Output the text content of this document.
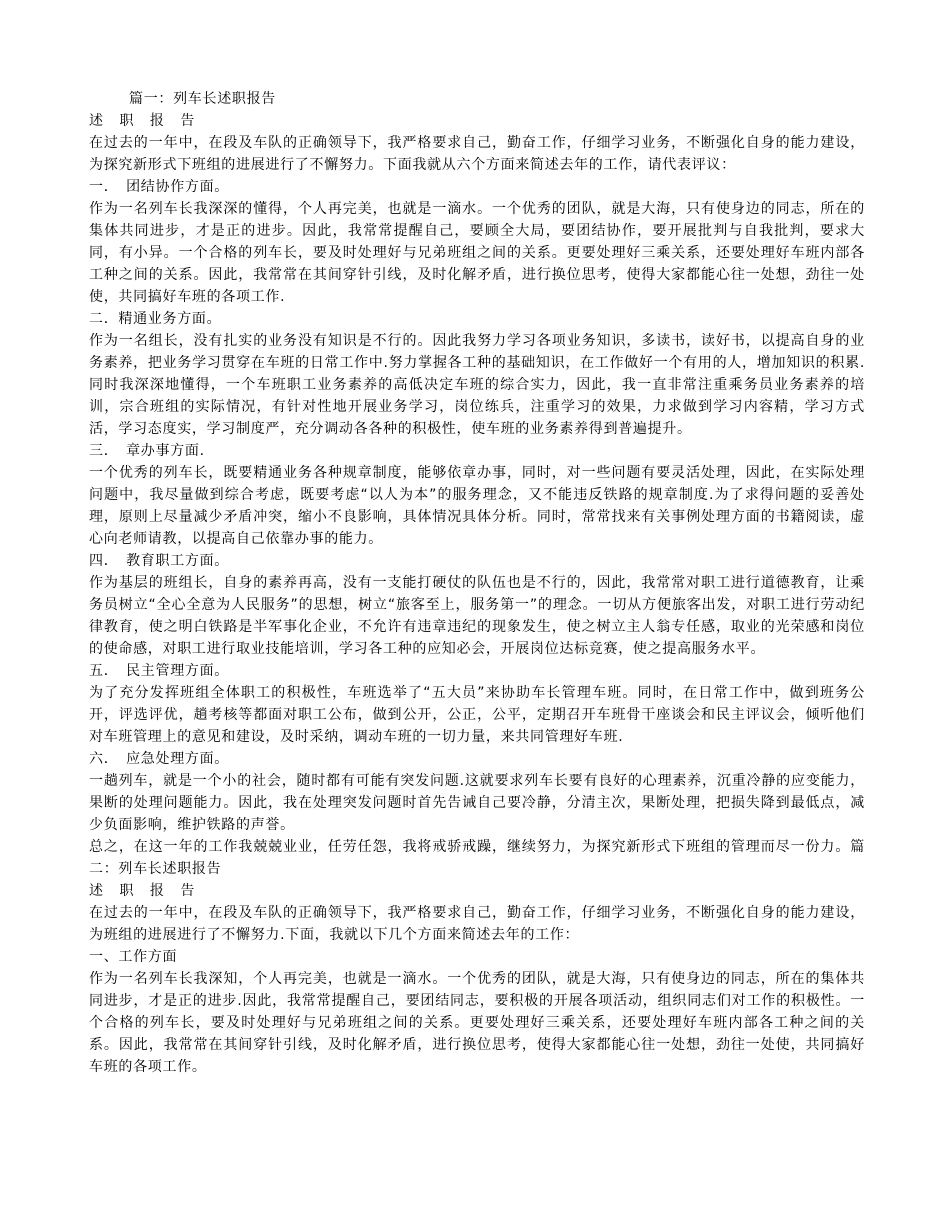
篇一：列车长述职报告

述 职 报 告

在过去的一年中，在段及车队的正确领导下，我严格要求自己，勤奋工作，仔细学习业务，不断强化自身的能力建设，为探究新形式下班组的进展进行了不懈努力。下面我就从六个方面来简述去年的工作，请代表评议：

一．　团结协作方面。

作为一名列车长我深深的懂得，个人再完美，也就是一滴水。一个优秀的团队，就是大海，只有使身边的同志，所在的集体共同进步，才是正的进步。因此，我常常提醒自己，要顾全大局，要团结协作，要开展批判与自我批判，要求大同，有小异。一个合格的列车长，要及时处理好与兄弟班组之间的关系。更要处理好三乘关系，还要处理好车班内部各工种之间的关系。因此，我常常在其间穿针引线，及时化解矛盾，进行换位思考，使得大家都能心往一处想，劲往一处使，共同搞好车班的各项工作.

二．精通业务方面。

作为一名组长，没有扎实的业务没有知识是不行的。因此我努力学习各项业务知识，多读书，读好书，以提高自身的业务素养，把业务学习贯穿在车班的日常工作中.努力掌握各工种的基础知识，在工作做好一个有用的人，增加知识的积累.同时我深深地懂得，一个车班职工业务素养的高低决定车班的综合实力，因此，我一直非常注重乘务员业务素养的培训，宗合班组的实际情况，有针对性地开展业务学习，岗位练兵，注重学习的效果，力求做到学习内容精，学习方式活，学习态度实，学习制度严，充分调动各各种的积极性，使车班的业务素养得到普遍提升。

三．　章办事方面.

一个优秀的列车长，既要精通业务各种规章制度，能够依章办事，同时，对一些问题有要灵活处理，因此，在实际处理问题中，我尽量做到综合考虑，既要考虑“以人为本”的服务理念，又不能违反铁路的规章制度.为了求得问题的妥善处理，原则上尽量减少矛盾冲突，缩小不良影响，具体情况具体分析。同时，常常找来有关事例处理方面的书籍阅读，虚心向老师请教，以提高自己依靠办事的能力。

四．　教育职工方面。

作为基层的班组长，自身的素养再高，没有一支能打硬仗的队伍也是不行的，因此，我常常对职工进行道德教育，让乘务员树立“全心全意为人民服务”的思想，树立“旅客至上，服务第一”的理念。一切从方便旅客出发，对职工进行劳动纪律教育，使之明白铁路是半军事化企业，不允许有违章违纪的现象发生，使之树立主人翁专任感，取业的光荣感和岗位的使命感，对职工进行取业技能培训，学习各工种的应知必会，开展岗位达标竞赛，使之提高服务水平。

五．　民主管理方面。

为了充分发挥班组全体职工的积极性，车班选举了“五大员”来协助车长管理车班。同时，在日常工作中，做到班务公开，评选评优，趟考核等都面对职工公布，做到公开，公正，公平，定期召开车班骨干座谈会和民主评议会，倾听他们对车班管理上的意见和建设，及时采纳，调动车班的一切力量，来共同管理好车班.

六．　应急处理方面。

一趟列车，就是一个小的社会，随时都有可能有突发问题.这就要求列车长要有良好的心理素养，沉重冷静的应变能力，果断的处理问题能力。因此，我在处理突发问题时首先告诫自己要冷静，分清主次，果断处理，把损失降到最低点，减少负面影响，维护铁路的声誉。

总之，在这一年的工作我兢兢业业，任劳任怨，我将戒骄戒躁，继续努力，为探究新形式下班组的管理而尽一份力。篇二：列车长述职报告

述 职 报 告

在过去的一年中，在段及车队的正确领导下，我严格要求自己，勤奋工作，仔细学习业务，不断强化自身的能力建设，为班组的进展进行了不懈努力.下面，我就以下几个方面来简述去年的工作：

一、工作方面

作为一名列车长我深知，个人再完美，也就是一滴水。一个优秀的团队，就是大海，只有使身边的同志，所在的集体共同进步，才是正的进步.因此，我常常提醒自己，要团结同志，要积极的开展各项活动，组织同志们对工作的积极性。一个合格的列车长，要及时处理好与兄弟班组之间的关系。更要处理好三乘关系，还要处理好车班内部各工种之间的关系。因此，我常常在其间穿针引线，及时化解矛盾，进行换位思考，使得大家都能心往一处想，劲往一处使，共同搞好车班的各项工作。
